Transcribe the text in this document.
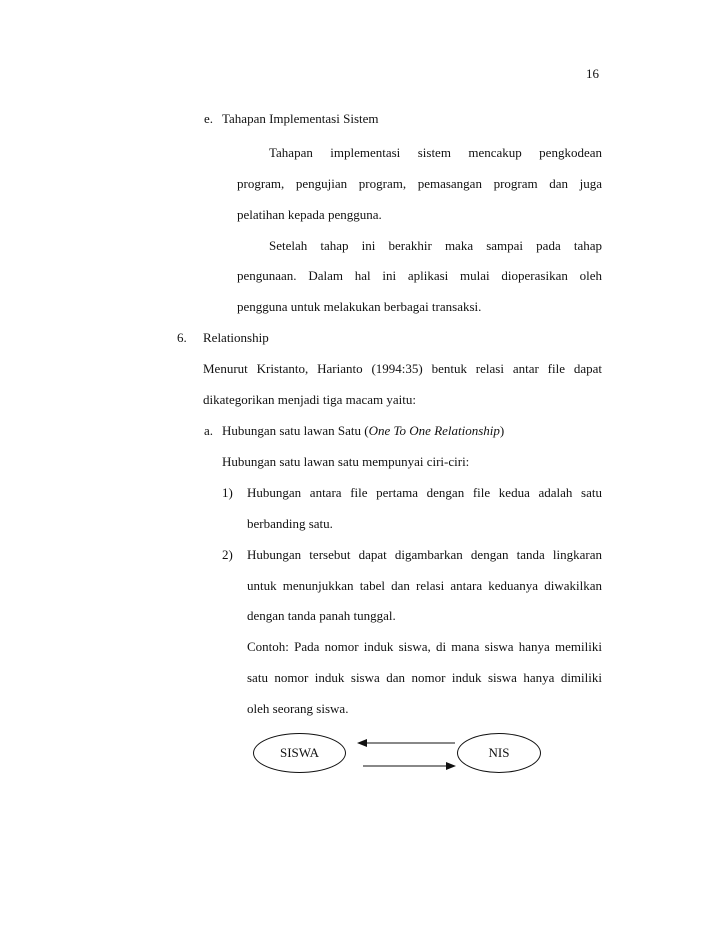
16
e. Tahapan Implementasi Sistem
Tahapan implementasi sistem mencakup pengkodean
program, pengujian program, pemasangan program dan juga
pelatihan kepada pengguna.
Setelah tahap ini berakhir maka sampai pada tahap
pengunaan. Dalam hal ini aplikasi mulai dioperasikan oleh
pengguna untuk melakukan berbagai transaksi.
6. Relationship
Menurut Kristanto, Harianto (1994:35) bentuk relasi antar file dapat
dikategorikan menjadi tiga macam yaitu:
a. Hubungan satu lawan Satu (One To One Relationship)
Hubungan satu lawan satu mempunyai ciri-ciri:
1) Hubungan antara file pertama dengan file kedua adalah satu
berbanding satu.
2) Hubungan tersebut dapat digambarkan dengan tanda lingkaran
untuk menunjukkan tabel dan relasi antara keduanya diwakilkan
dengan tanda panah tunggal.
Contoh: Pada nomor induk siswa, di mana siswa hanya memiliki
satu nomor induk siswa dan nomor induk siswa hanya dimiliki
oleh seorang siswa.
SISWA	NIS
